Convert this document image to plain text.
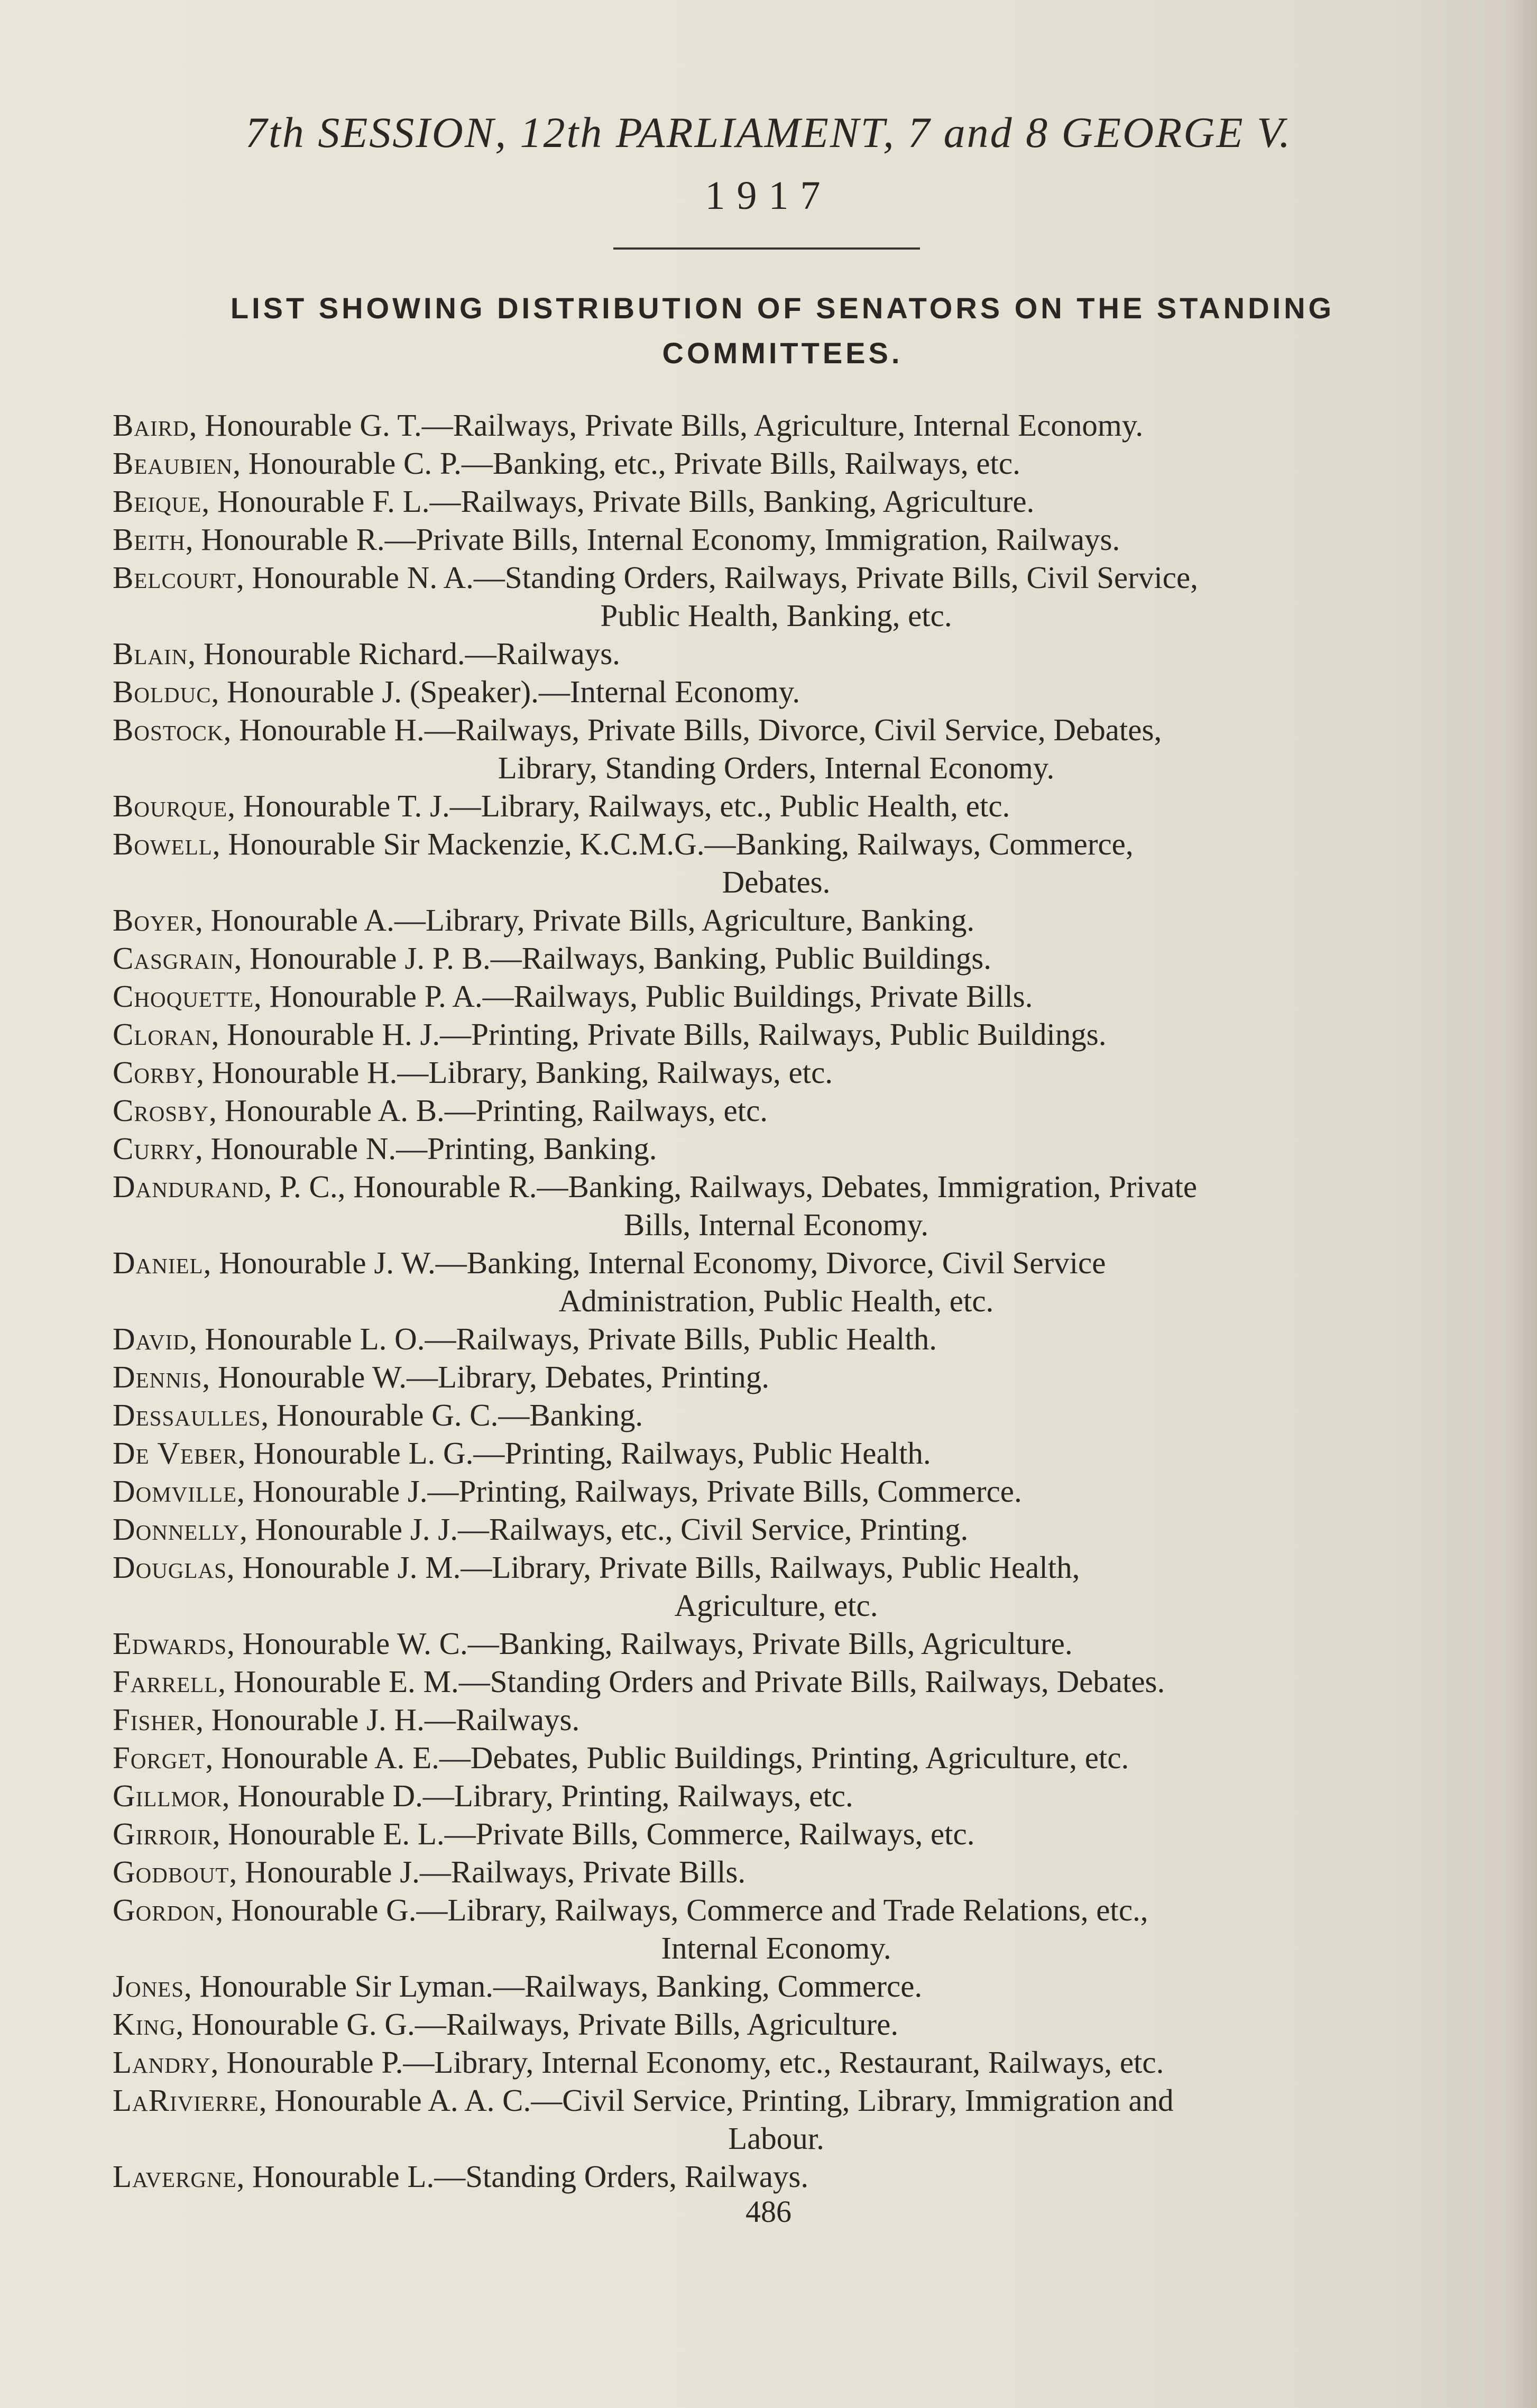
7th SESSION, 12th PARLIAMENT, 7 and 8 GEORGE V.
1917
LIST SHOWING DISTRIBUTION OF SENATORS ON THE STANDING COMMITTEES.
Baird, Honourable G. T.—Railways, Private Bills, Agriculture, Internal Economy.
Beaubien, Honourable C. P.—Banking, etc., Private Bills, Railways, etc.
Beique, Honourable F. L.—Railways, Private Bills, Banking, Agriculture.
Beith, Honourable R.—Private Bills, Internal Economy, Immigration, Railways.
Belcourt, Honourable N. A.—Standing Orders, Railways, Private Bills, Civil Service,
Public Health, Banking, etc.
Blain, Honourable Richard.—Railways.
Bolduc, Honourable J. (Speaker).—Internal Economy.
Bostock, Honourable H.—Railways, Private Bills, Divorce, Civil Service, Debates,
Library, Standing Orders, Internal Economy.
Bourque, Honourable T. J.—Library, Railways, etc., Public Health, etc.
Bowell, Honourable Sir Mackenzie, K.C.M.G.—Banking, Railways, Commerce,
Debates.
Boyer, Honourable A.—Library, Private Bills, Agriculture, Banking.
Casgrain, Honourable J. P. B.—Railways, Banking, Public Buildings.
Choquette, Honourable P. A.—Railways, Public Buildings, Private Bills.
Cloran, Honourable H. J.—Printing, Private Bills, Railways, Public Buildings.
Corby, Honourable H.—Library, Banking, Railways, etc.
Crosby, Honourable A. B.—Printing, Railways, etc.
Curry, Honourable N.—Printing, Banking.
Dandurand, P. C., Honourable R.—Banking, Railways, Debates, Immigration, Private
Bills, Internal Economy.
Daniel, Honourable J. W.—Banking, Internal Economy, Divorce, Civil Service
Administration, Public Health, etc.
David, Honourable L. O.—Railways, Private Bills, Public Health.
Dennis, Honourable W.—Library, Debates, Printing.
Dessaulles, Honourable G. C.—Banking.
De Veber, Honourable L. G.—Printing, Railways, Public Health.
Domville, Honourable J.—Printing, Railways, Private Bills, Commerce.
Donnelly, Honourable J. J.—Railways, etc., Civil Service, Printing.
Douglas, Honourable J. M.—Library, Private Bills, Railways, Public Health,
Agriculture, etc.
Edwards, Honourable W. C.—Banking, Railways, Private Bills, Agriculture.
Farrell, Honourable E. M.—Standing Orders and Private Bills, Railways, Debates.
Fisher, Honourable J. H.—Railways.
Forget, Honourable A. E.—Debates, Public Buildings, Printing, Agriculture, etc.
Gillmor, Honourable D.—Library, Printing, Railways, etc.
Girroir, Honourable E. L.—Private Bills, Commerce, Railways, etc.
Godbout, Honourable J.—Railways, Private Bills.
Gordon, Honourable G.—Library, Railways, Commerce and Trade Relations, etc.,
Internal Economy.
Jones, Honourable Sir Lyman.—Railways, Banking, Commerce.
King, Honourable G. G.—Railways, Private Bills, Agriculture.
Landry, Honourable P.—Library, Internal Economy, etc., Restaurant, Railways, etc.
LaRivierre, Honourable A. A. C.—Civil Service, Printing, Library, Immigration and
Labour.
Lavergne, Honourable L.—Standing Orders, Railways.
486
